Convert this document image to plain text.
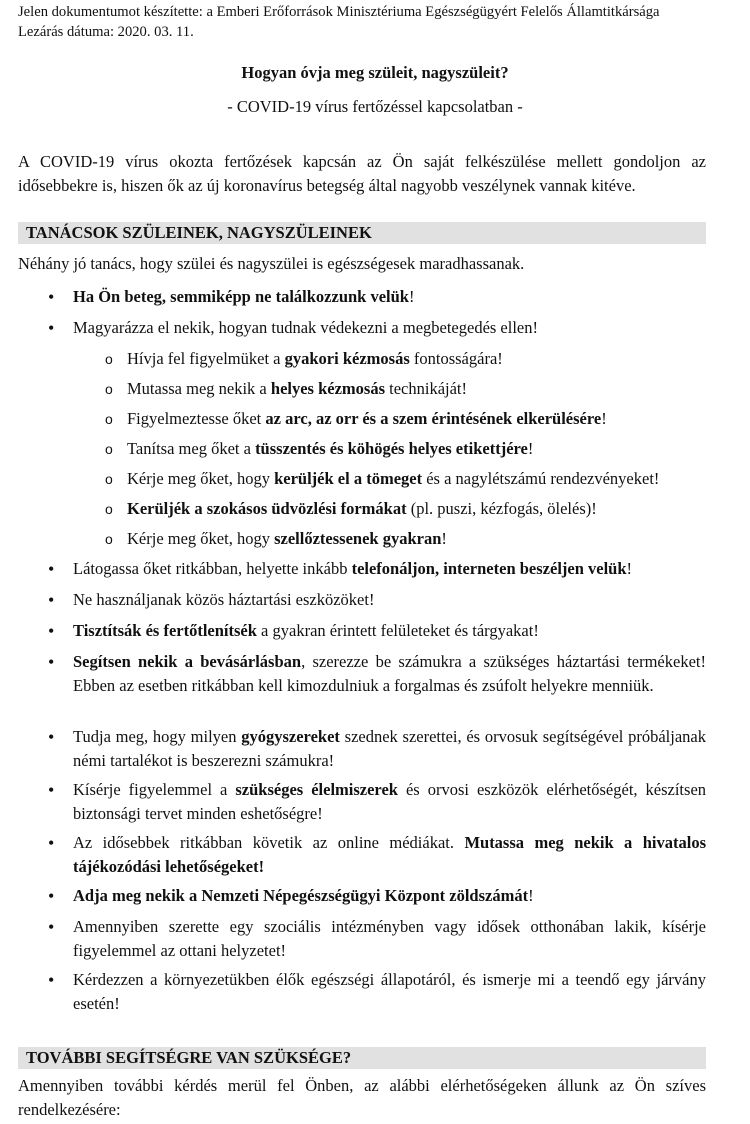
Jelen dokumentumot készítette: a Emberi Erőforrások Minisztériuma Egészségügyért Felelős Államtitkársága
Lezárás dátuma: 2020. 03. 11.
Hogyan óvja meg szüleit, nagyszüleit?
- COVID-19 vírus fertőzéssel kapcsolatban -
A COVID-19 vírus okozta fertőzések kapcsán az Ön saját felkészülése mellett gondoljon az idősebbekre is, hiszen ők az új koronavírus betegség által nagyobb veszélynek vannak kitéve.
TANÁCSOK SZÜLEINEK, NAGYSZÜLEINEK
Néhány jó tanács, hogy szülei és nagyszülei is egészségesek maradhassanak.
• Ha Ön beteg, semmiképp ne találkozzunk velük!
• Magyarázza el nekik, hogyan tudnak védekezni a megbetegedés ellen!
o Hívja fel figyelmüket a gyakori kézmosás fontosságára!
o Mutassa meg nekik a helyes kézmosás technikáját!
o Figyelmeztesse őket az arc, az orr és a szem érintésének elkerülésére!
o Tanítsa meg őket a tüsszentés és köhögés helyes etikettjére!
o Kérje meg őket, hogy kerüljék el a tömeget és a nagylétszámú rendezvényeket!
o Kerüljék a szokásos üdvözlési formákat (pl. puszi, kézfogás, ölelés)!
o Kérje meg őket, hogy szellőztessenek gyakran!
• Látogassa őket ritkábban, helyette inkább telefonáljon, interneten beszéljen velük!
• Ne használjanak közös háztartási eszközöket!
• Tisztítsák és fertőtlenítsék a gyakran érintett felületeket és tárgyakat!
• Segítsen nekik a bevásárlásban, szerezze be számukra a szükséges háztartási termékeket! Ebben az esetben ritkábban kell kimozdulniuk a forgalmas és zsúfolt helyekre menniük.
• Tudja meg, hogy milyen gyógyszereket szednek szerettei, és orvosuk segítségével próbáljanak némi tartalékot is beszerezni számukra!
• Kísérje figyelemmel a szükséges élelmiszerek és orvosi eszközök elérhetőségét, készítsen biztonsági tervet minden eshetőségre!
• Az idősebbek ritkábban követik az online médiákat. Mutassa meg nekik a hivatalos tájékozódási lehetőségeket!
• Adja meg nekik a Nemzeti Népegészségügyi Központ zöldszámát!
• Amennyiben szerette egy szociális intézményben vagy idősek otthonában lakik, kísérje figyelemmel az ottani helyzetet!
• Kérdezzen a környezetükben élők egészségi állapotáról, és ismerje mi a teendő egy járvány esetén!
TOVÁBBI SEGÍTSÉGRE VAN SZÜKSÉGE?
Amennyiben további kérdés merül fel Önben, az alábbi elérhetőségeken állunk az Ön szíves rendelkezésére:
